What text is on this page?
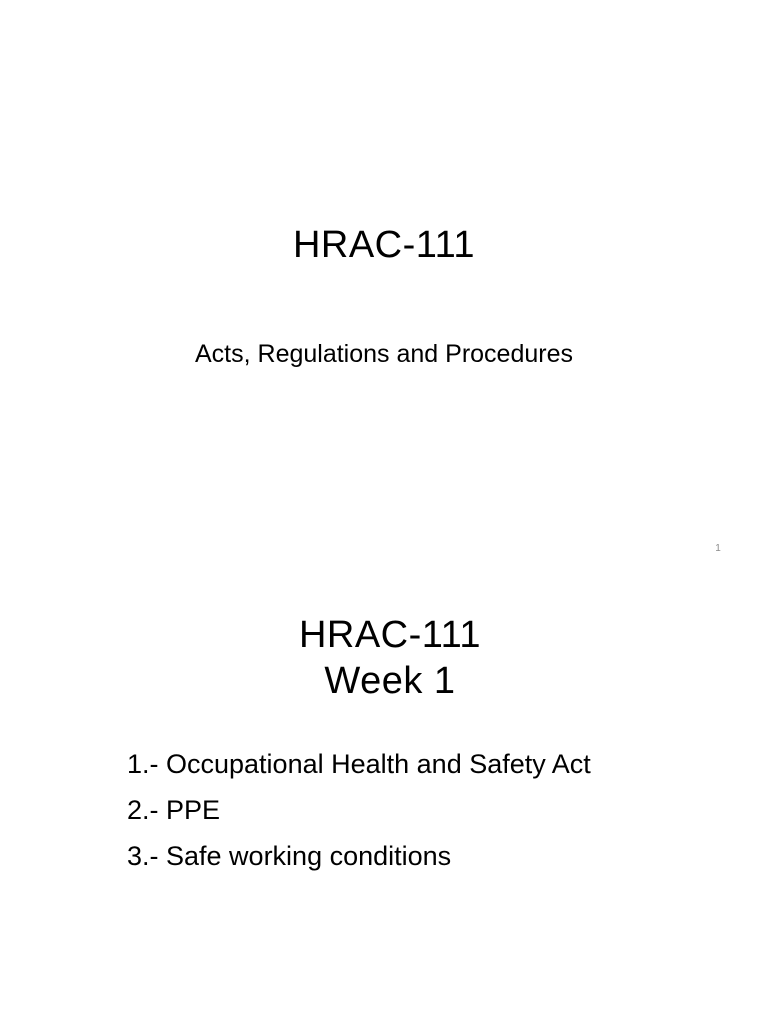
HRAC-111
Acts, Regulations and Procedures
1
HRAC-111
Week 1
1.- Occupational Health and Safety Act
2.- PPE
3.- Safe working conditions
